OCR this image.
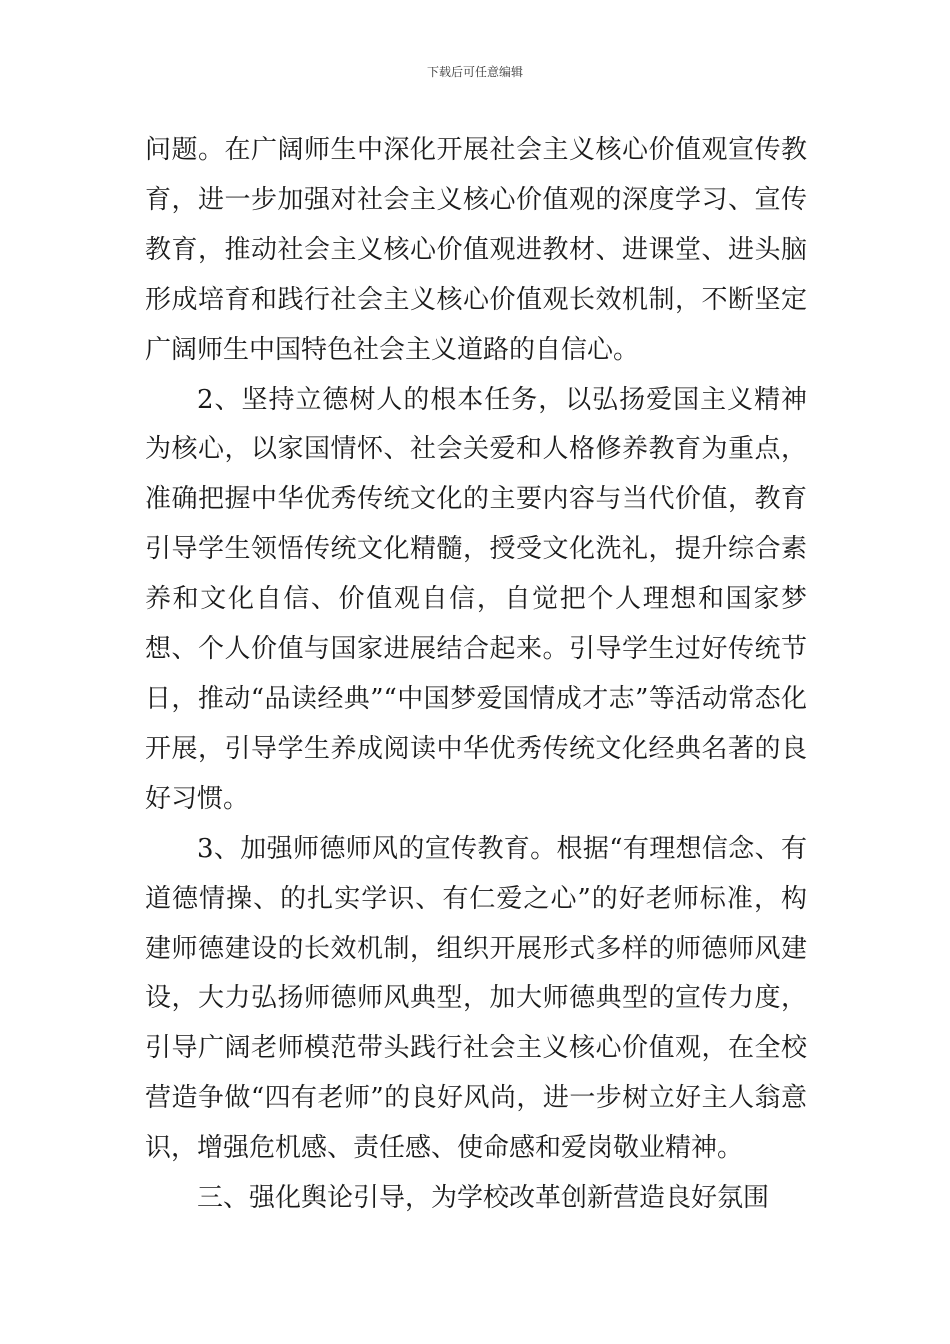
下载后可任意编辑

问题。在广阔师生中深化开展社会主义核心价值观宣传教育，进一步加强对社会主义核心价值观的深度学习、宣传教育，推动社会主义核心价值观进教材、进课堂、进头脑形成培育和践行社会主义核心价值观长效机制，不断坚定广阔师生中国特色社会主义道路的自信心。

2、坚持立德树人的根本任务，以弘扬爱国主义精神为核心，以家国情怀、社会关爱和人格修养教育为重点，准确把握中华优秀传统文化的主要内容与当代价值，教育引导学生领悟传统文化精髓，授受文化洗礼，提升综合素养和文化自信、价值观自信，自觉把个人理想和国家梦想、个人价值与国家进展结合起来。引导学生过好传统节日，推动“品读经典”“中国梦爱国情成才志”等活动常态化开展，引导学生养成阅读中华优秀传统文化经典名著的良好习惯。

3、加强师德师风的宣传教育。根据“有理想信念、有道德情操、的扎实学识、有仁爱之心”的好老师标准，构建师德建设的长效机制，组织开展形式多样的师德师风建设，大力弘扬师德师风典型，加大师德典型的宣传力度，引导广阔老师模范带头践行社会主义核心价值观，在全校营造争做“四有老师”的良好风尚，进一步树立好主人翁意识，增强危机感、责任感、使命感和爱岗敬业精神。

三、强化舆论引导，为学校改革创新营造良好氛围
